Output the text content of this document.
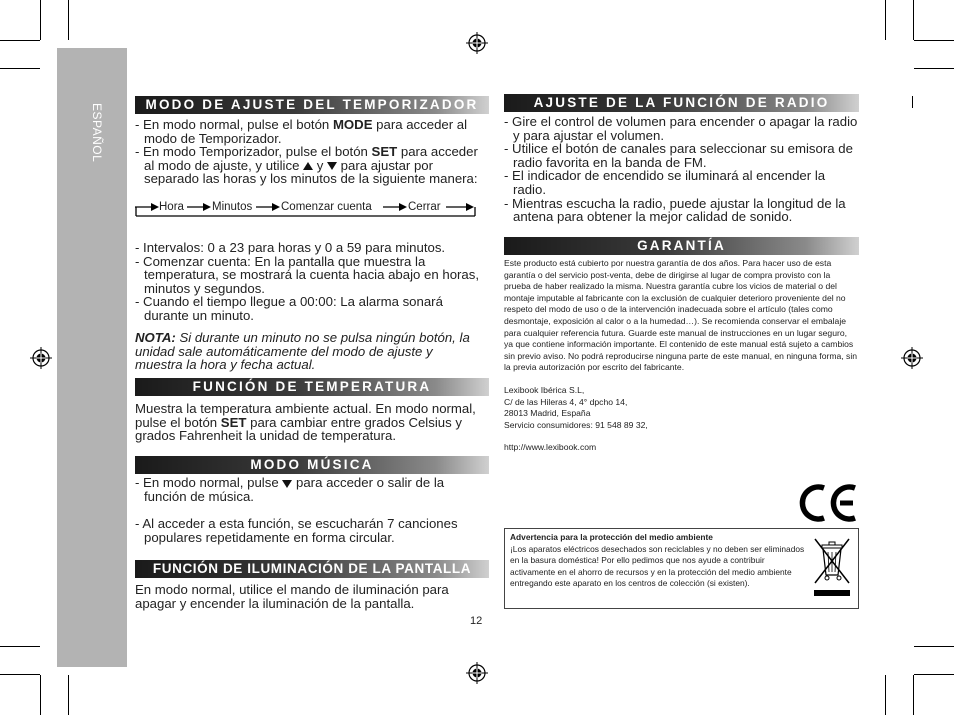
ESPAÑOL	MODO DE AJUSTE DEL TEMPORIZADOR

- En modo normal, pulse el botón MODE para acceder al modo de Temporizador.

- En modo Temporizador, pulse el botón SET para acceder al modo de ajuste, y utilice  y  para ajustar por separado las horas y los minutos de la siguiente manera:

Hora Minutos Comenzar cuenta	Cerrar

- Intervalos: 0 a 23 para horas y 0 a 59 para minutos.

- Comenzar cuenta: En la pantalla que muestra la temperatura, se mostrará la cuenta hacia abajo en horas, minutos y segundos.

- Cuando el tiempo llegue a 00:00: La alarma sonará durante un minuto.

NOTA: Si durante un minuto no se pulsa ningún botón, la unidad sale automáticamente del modo de ajuste y muestra la hora y fecha actual.

FUNCIÓN DE TEMPERATURA

Muestra la temperatura ambiente actual. En modo normal, pulse el botón SET para cambiar entre grados Celsius y grados Fahrenheit la unidad de temperatura.

MODO MÚSICA

- En modo normal, pulse  para acceder o salir de la función de música.

- Al acceder a esta función, se escucharán 7 canciones populares repetidamente en forma circular.

FUNCIÓN DE ILUMINACIÓN DE LA PANTALLA

En modo normal, utilice el mando de iluminación para apagar y encender la iluminación de la pantalla.

12
AJUSTE DE LA FUNCIÓN DE RADIO

- Gire el control de volumen para encender o apagar la radio y para ajustar el volumen.

- Utilice el botón de canales para seleccionar su emisora de radio favorita en la banda de FM.

- El indicador de encendido se iluminará al encender la radio.

- Mientras escucha la radio, puede ajustar la longitud de la antena para obtener la mejor calidad de sonido.

GARANTÍA

Este producto está cubierto por nuestra garantía de dos años. Para hacer uso de esta garantía o del servicio post-venta, debe de dirigirse al lugar de compra provisto con la prueba de haber realizado la misma. Nuestra garantía cubre los vicios de material o del montaje imputable al fabricante con la exclusión de cualquier deterioro proveniente del no respeto del modo de uso o de la intervención inadecuada sobre el artículo (tales como desmontaje, exposición al calor o a la humedad…). Se recomienda conservar el embalaje para cualquier referencia futura. Guarde este manual de instrucciones en un lugar seguro, ya que contiene información importante. El contenido de este manual está sujeto a cambios sin previo aviso. No podrá reproducirse ninguna parte de este manual, en ninguna forma, sin la previa autorización por escrito del fabricante.

Lexibook Ibérica S.L,

C/ de las Hileras 4, 4° dpcho 14,

28013 Madrid, España

Servicio consumidores: 91 548 89 32,

http://www.lexibook.com

Advertencia para la protección del medio ambiente

¡Los aparatos eléctricos desechados son reciclables y no deben ser eliminados en la basura doméstica! Por ello pedimos que nos ayude a contribuir activamente en el ahorro de recursos y en la protección del medio ambiente entregando este aparato en los centros de colección (si existen).
